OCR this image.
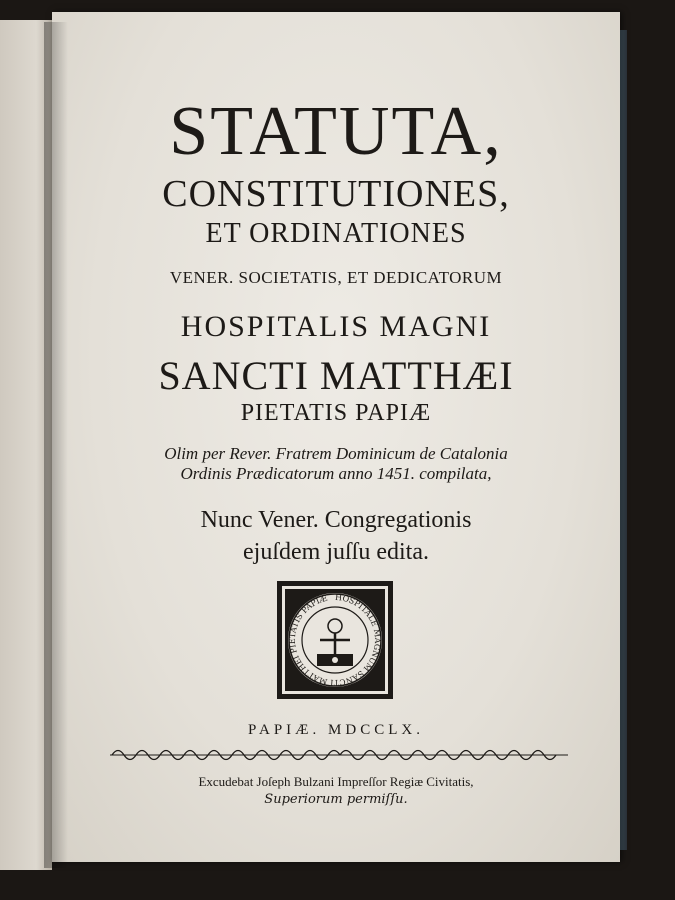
STATUTA,
CONSTITUTIONES,
ET ORDINATIONES
VENER. SOCIETATIS, ET DEDICATORUM
HOSPITALIS MAGNI
SANCTI MATTHÆI
PIETATIS PAPIÆ
Olim per Rever. Fratrem Dominicum de Catalonia
Ordinis Prædicatorum anno 1451. compilata,
Nunc Vener. Congregationis
ejuſdem juſſu edita.
HOSPITALE MAGNUM SANCTI MATTHEI PIETATIS PAPIÆ
PAPIÆ. MDCCLX.
Excudebat Joſeph Bulzani Impreſſor Regiæ Civitatis,
Superiorum permiſſu.
